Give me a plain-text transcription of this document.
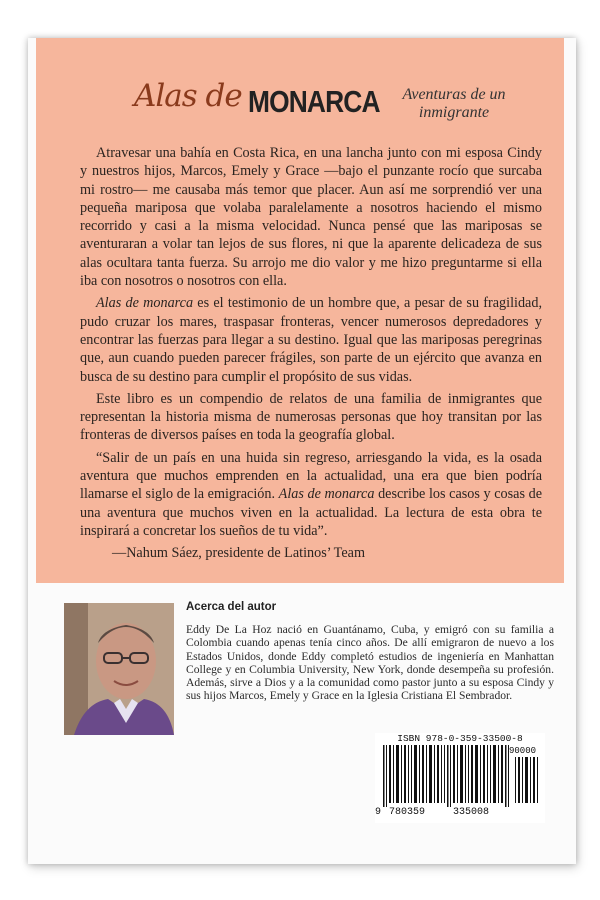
Alas de MONARCA	Aventuras de un inmigrante

Atravesar una bahía en Costa Rica, en una lancha junto con mi esposa Cindy y nuestros hijos, Marcos, Emely y Grace —bajo el punzante rocío que surcaba mi rostro— me causaba más temor que placer. Aun así me sorprendió ver una pequeña mariposa que volaba paralelamente a nosotros haciendo el mismo recorrido y casi a la misma velocidad. Nunca pensé que las mariposas se aventuraran a volar tan lejos de sus flores, ni que la aparente delicadeza de sus alas ocultara tanta fuerza. Su arrojo me dio valor y me hizo preguntarme si ella iba con nosotros o nosotros con ella.

Alas de monarca es el testimonio de un hombre que, a pesar de su fragilidad, pudo cruzar los mares, traspasar fronteras, vencer numerosos depredadores y encontrar las fuerzas para llegar a su destino. Igual que las mariposas peregrinas que, aun cuando pueden parecer frágiles, son parte de un ejército que avanza en busca de su destino para cumplir el propósito de sus vidas.

Este libro es un compendio de relatos de una familia de inmigrantes que representan la historia misma de numerosas personas que hoy transitan por las fronteras de diversos países en toda la geografía global.

“Salir de un país en una huida sin regreso, arriesgando la vida, es la osada aventura que muchos emprenden en la actualidad, una era que bien podría llamarse el siglo de la emigración. Alas de monarca describe los casos y cosas de una aventura que muchos viven en la actualidad. La lectura de esta obra te inspirará a concretar los sueños de tu vida”.

—Nahum Sáez, presidente de Latinos’ Team

Acerca del autor
Eddy De La Hoz nació en Guantánamo, Cuba, y emigró con su familia a Colombia cuando apenas tenía cinco años. De allí emigraron de nuevo a los Estados Unidos, donde Eddy completó estudios de ingeniería en Manhattan College y en Columbia University, New York, donde desempeña su profesión. Además, sirve a Dios y a la comunidad como pastor junto a su esposa Cindy y sus hijos Marcos, Emely y Grace en la Iglesia Cristiana El Sembrador.
ISBN 978-0-359-33500-8
90000
9 780359	335008
